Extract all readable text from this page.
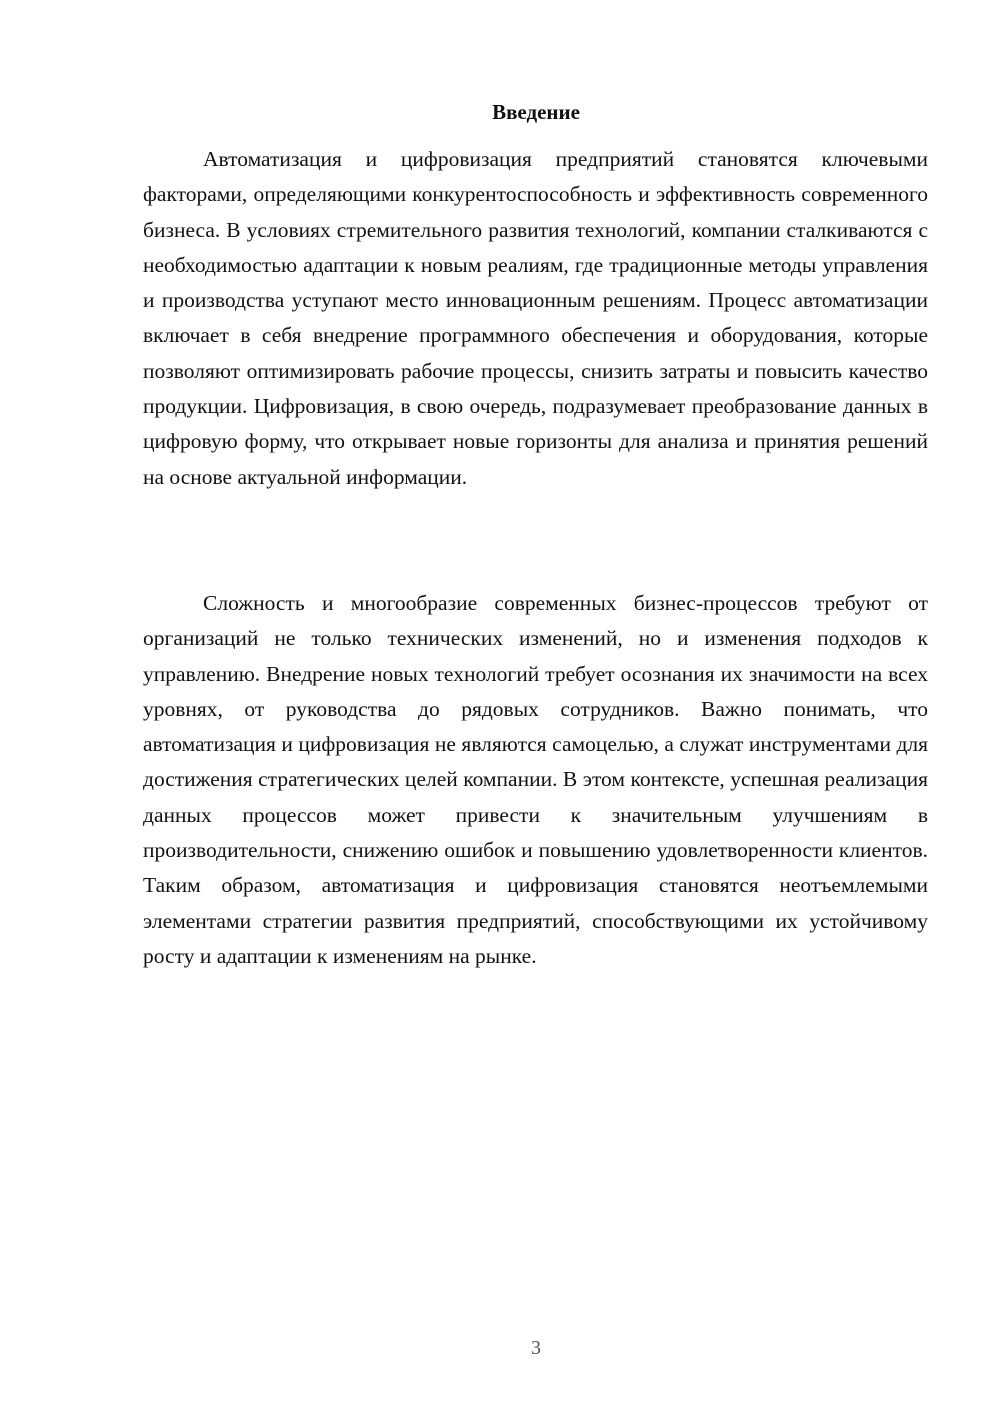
Введение

Автоматизация и цифровизация предприятий становятся ключевыми факторами, определяющими конкурентоспособность и эффективность современного бизнеса. В условиях стремительного развития технологий, компании сталкиваются с необходимостью адаптации к новым реалиям, где традиционные методы управления и производства уступают место инновационным решениям. Процесс автоматизации включает в себя внедрение программного обеспечения и оборудования, которые позволяют оптимизировать рабочие процессы, снизить затраты и повысить качество продукции. Цифровизация, в свою очередь, подразумевает преобразование данных в цифровую форму, что открывает новые горизонты для анализа и принятия решений на основе актуальной информации.

Сложность и многообразие современных бизнес-процессов требуют от организаций не только технических изменений, но и изменения подходов к управлению. Внедрение новых технологий требует осознания их значимости на всех уровнях, от руководства до рядовых сотрудников. Важно понимать, что автоматизация и цифровизация не являются самоцелью, а служат инструментами для достижения стратегических целей компании. В этом контексте, успешная реализация данных процессов может привести к значительным улучшениям в производительности, снижению ошибок и повышению удовлетворенности клиентов. Таким образом, автоматизация и цифровизация становятся неотъемлемыми элементами стратегии развития предприятий, способствующими их устойчивому росту и адаптации к изменениям на рынке.

3
